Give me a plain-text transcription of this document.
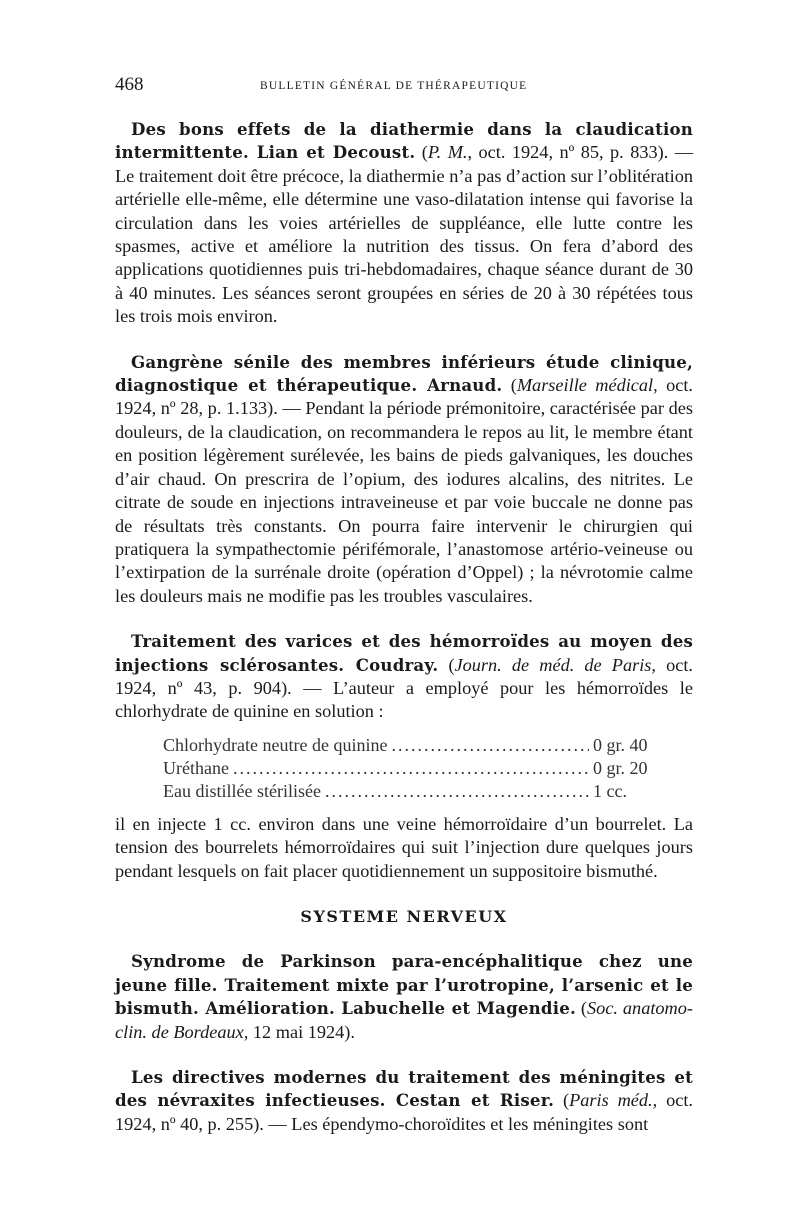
468	BULLETIN GÉNÉRAL DE THÉRAPEUTIQUE

Des bons effets de la diathermie dans la claudication intermittente. Lian et Decoust. (P. M., oct. 1924, nº 85, p. 833). — Le traitement doit être précoce, la diathermie n’a pas d’action sur l’oblitération artérielle elle-même, elle détermine une vaso-dilatation intense qui favorise la circulation dans les voies artérielles de suppléance, elle lutte contre les spasmes, active et améliore la nutrition des tissus. On fera d’abord des applications quotidiennes puis tri-hebdomadaires, chaque séance durant de 30 à 40 minutes. Les séances seront groupées en séries de 20 à 30 répétées tous les trois mois environ.

Gangrène sénile des membres inférieurs étude clinique, diagnostique et thérapeutique. Arnaud. (Marseille médical, oct. 1924, nº 28, p. 1.133). — Pendant la période prémonitoire, caractérisée par des douleurs, de la claudication, on recommandera le repos au lit, le membre étant en position légèrement surélevée, les bains de pieds galvaniques, les douches d’air chaud. On prescrira de l’opium, des iodures alcalins, des nitrites. Le citrate de soude en injections intraveineuse et par voie buccale ne donne pas de résultats très constants. On pourra faire intervenir le chirurgien qui pratiquera la sympathectomie périfémorale, l’anastomose artério-veineuse ou l’extirpation de la surrénale droite (opération d’Oppel) ; la névrotomie calme les douleurs mais ne modifie pas les troubles vasculaires.

Traitement des varices et des hémorroïdes au moyen des injections sclérosantes. Coudray. (Journ. de méd. de Paris, oct. 1924, nº 43, p. 904). — L’auteur a employé pour les hémorroïdes le chlorhydrate de quinine en solution :

Chlorhydrate neutre de quinine .....	0 gr. 40
Uréthane .....	0 gr. 20
Eau distillée stérilisée .....	1 cc.

il en injecte 1 cc. environ dans une veine hémorroïdaire d’un bourrelet. La tension des bourrelets hémorroïdaires qui suit l’injection dure quelques jours pendant lesquels on fait placer quotidiennement un suppositoire bismuthé.

SYSTEME NERVEUX

Syndrome de Parkinson para-encéphalitique chez une jeune fille. Traitement mixte par l’urotropine, l’arsenic et le bismuth. Amélioration. Labuchelle et Magendie. (Soc. anatomo-clin. de Bordeaux, 12 mai 1924).

Les directives modernes du traitement des méningites et des névraxites infectieuses. Cestan et Riser. (Paris méd., oct. 1924, nº 40, p. 255). — Les épendymo-choroïdites et les méningites sont
